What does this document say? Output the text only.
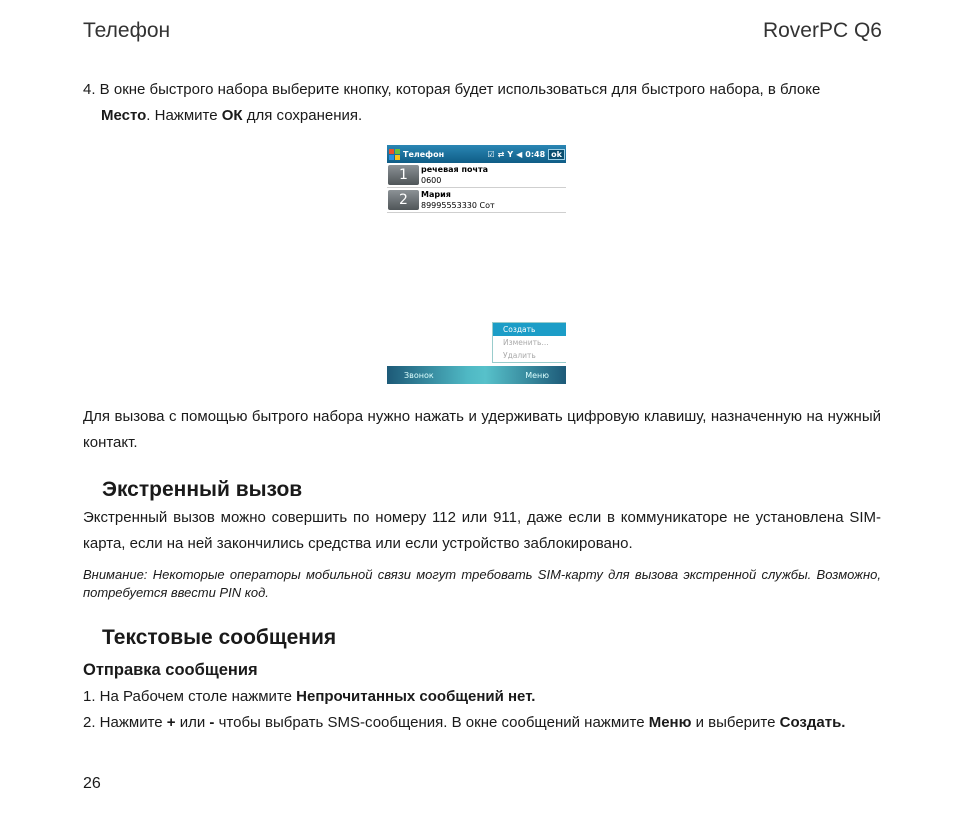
Телефон	RoverPC Q6
4. В окне быстрого набора выберите кнопку, которая будет использоваться для быстрого набора, в блоке
Место. Нажмите ОК для сохранения.
Телефон	☑ ⇄ Y ◀ 0:48 ok
1	речевая почта
0600
2	Мария
89995553330 Сот
Создать
Изменить...
Удалить
Звонок	Меню
Для вызова с помощью бытрого набора нужно нажать и удерживать цифровую клавишу, назначенную на нужный контакт.
Экстренный вызов
Экстренный вызов можно совершить по номеру 112 или 911, даже если в коммуникаторе не установлена SIM-карта, если на ней закончились средства или если устройство заблокировано.
Внимание: Некоторые операторы мобильной связи могут требовать SIM-карту для вызова экстренной службы. Возможно, потребуется ввести PIN код.
Текстовые сообщения
Отправка сообщения
1. На Рабочем столе нажмите Непрочитанных сообщений нет.
2. Нажмите + или - чтобы выбрать SMS-сообщения. В окне сообщений нажмите Меню и выберите Создать.
26
